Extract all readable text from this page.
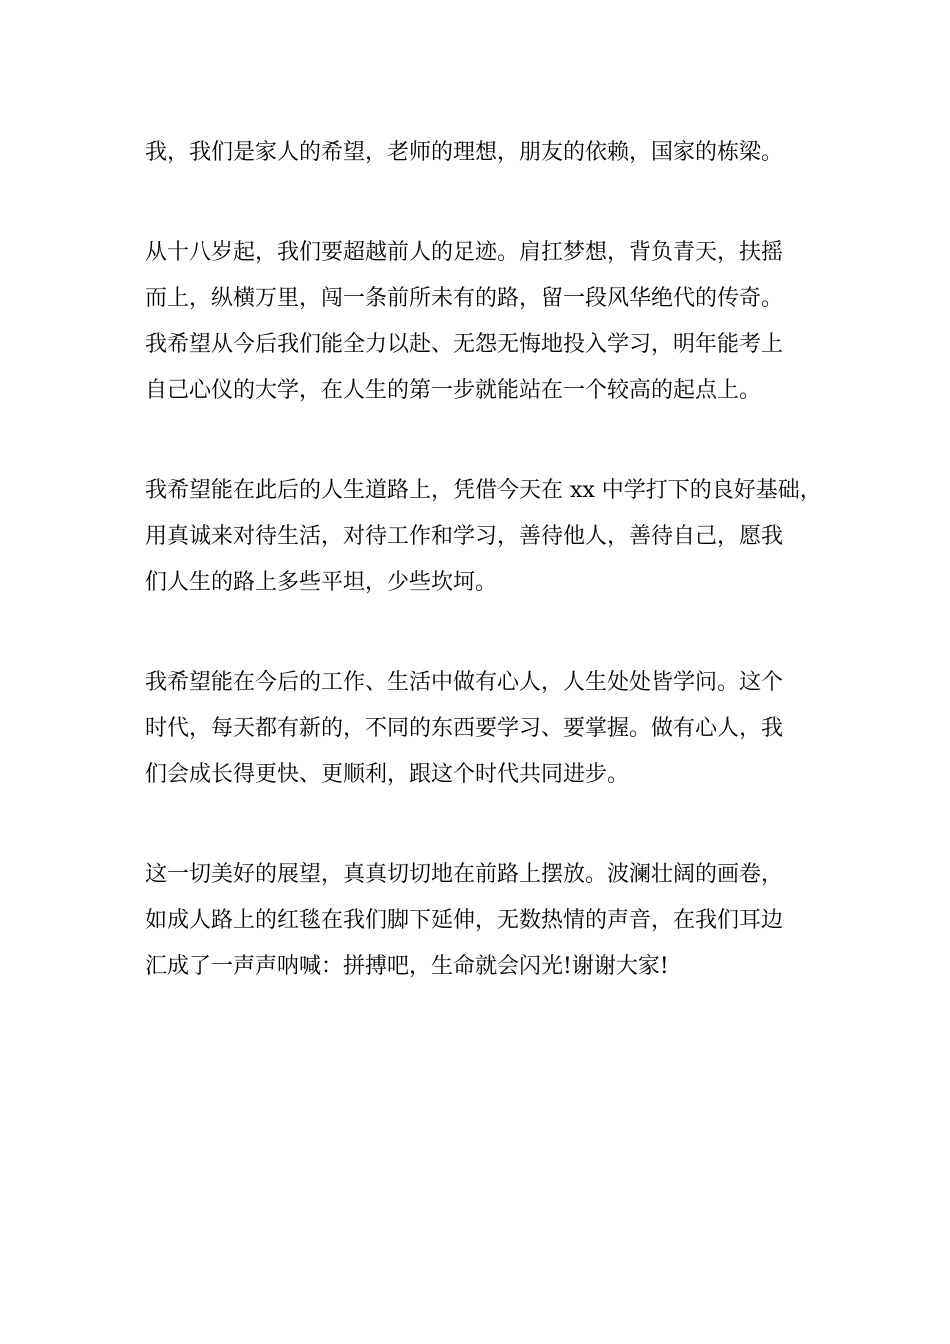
我，我们是家人的希望，老师的理想，朋友的依赖，国家的栋梁。
从十八岁起，我们要超越前人的足迹。肩扛梦想，背负青天，扶摇
而上，纵横万里，闯一条前所未有的路，留一段风华绝代的传奇。
我希望从今后我们能全力以赴、无怨无悔地投入学习，明年能考上
自己心仪的大学，在人生的第一步就能站在一个较高的起点上。
我希望能在此后的人生道路上，凭借今天在 xx 中学打下的良好基础，
用真诚来对待生活，对待工作和学习，善待他人，善待自己，愿我
们人生的路上多些平坦，少些坎坷。
我希望能在今后的工作、生活中做有心人，人生处处皆学问。这个
时代，每天都有新的，不同的东西要学习、要掌握。做有心人，我
们会成长得更快、更顺利，跟这个时代共同进步。
这一切美好的展望，真真切切地在前路上摆放。波澜壮阔的画卷，
如成人路上的红毯在我们脚下延伸，无数热情的声音，在我们耳边
汇成了一声声呐喊：拼搏吧，生命就会闪光!谢谢大家!
